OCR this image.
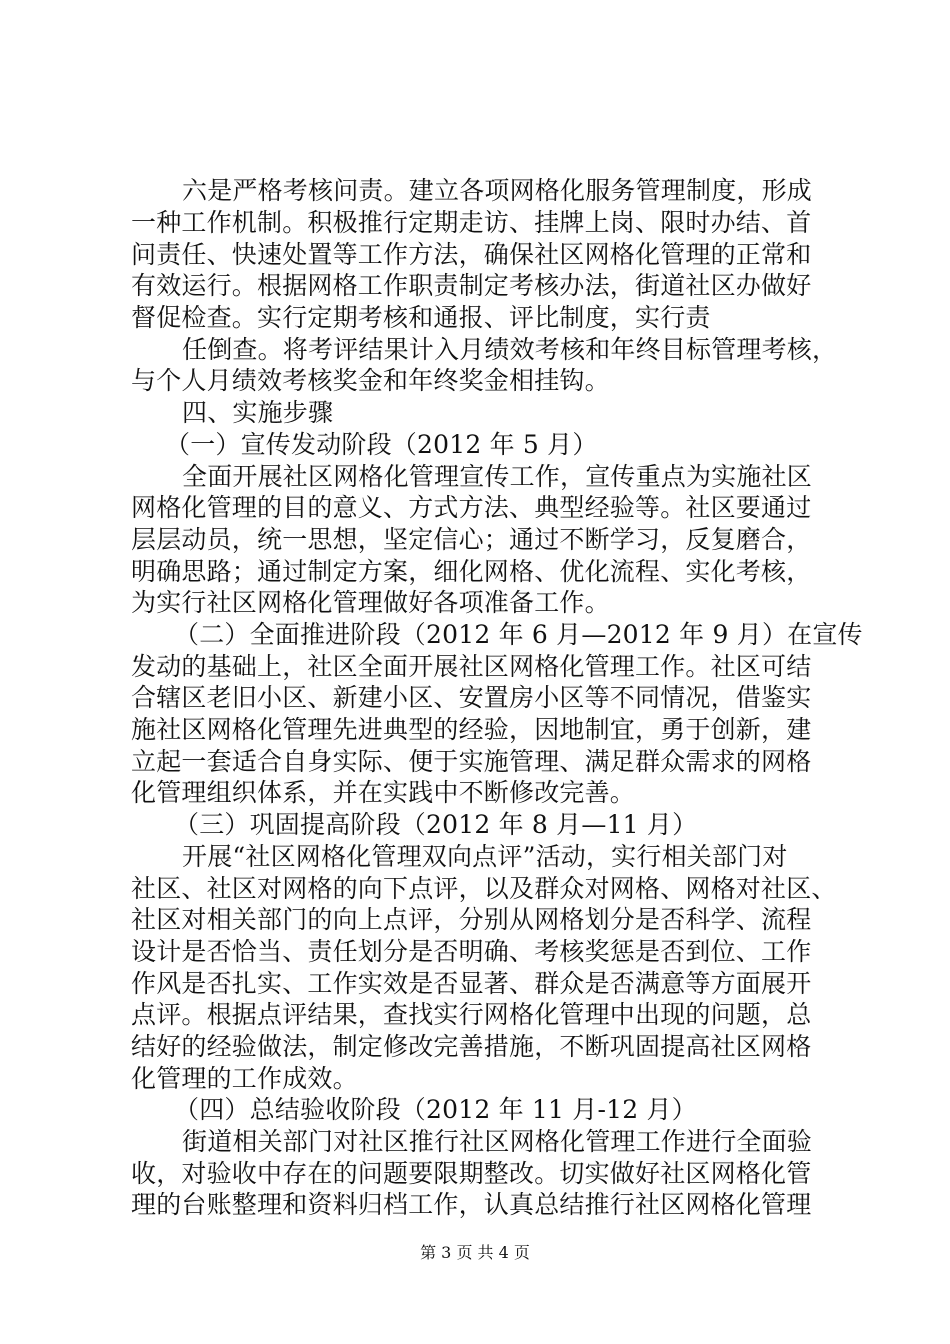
六是严格考核问责。建立各项网格化服务管理制度，形成
一种工作机制。积极推行定期走访、挂牌上岗、限时办结、首
问责任、快速处置等工作方法，确保社区网格化管理的正常和
有效运行。根据网格工作职责制定考核办法，街道社区办做好
督促检查。实行定期考核和通报、评比制度，实行责
任倒查。将考评结果计入月绩效考核和年终目标管理考核，
与个人月绩效考核奖金和年终奖金相挂钩。
四、实施步骤
（一）宣传发动阶段（2012 年 5 月）
全面开展社区网格化管理宣传工作，宣传重点为实施社区
网格化管理的目的意义、方式方法、典型经验等。社区要通过
层层动员，统一思想，坚定信心；通过不断学习，反复磨合，
明确思路；通过制定方案，细化网格、优化流程、实化考核，
为实行社区网格化管理做好各项准备工作。
（二）全面推进阶段（2012 年 6 月—2012 年 9 月）在宣传
发动的基础上，社区全面开展社区网格化管理工作。社区可结
合辖区老旧小区、新建小区、安置房小区等不同情况，借鉴实
施社区网格化管理先进典型的经验，因地制宜，勇于创新，建
立起一套适合自身实际、便于实施管理、满足群众需求的网格
化管理组织体系，并在实践中不断修改完善。
（三）巩固提高阶段（2012 年 8 月—11 月）
开展“社区网格化管理双向点评”活动，实行相关部门对
社区、社区对网格的向下点评，以及群众对网格、网格对社区、
社区对相关部门的向上点评，分别从网格划分是否科学、流程
设计是否恰当、责任划分是否明确、考核奖惩是否到位、工作
作风是否扎实、工作实效是否显著、群众是否满意等方面展开
点评。根据点评结果，查找实行网格化管理中出现的问题，总
结好的经验做法，制定修改完善措施，不断巩固提高社区网格
化管理的工作成效。
（四）总结验收阶段（2012 年 11 月-12 月）
街道相关部门对社区推行社区网格化管理工作进行全面验
收，对验收中存在的问题要限期整改。切实做好社区网格化管
理的台账整理和资料归档工作，认真总结推行社区网格化管理
第 3 页 共 4 页
